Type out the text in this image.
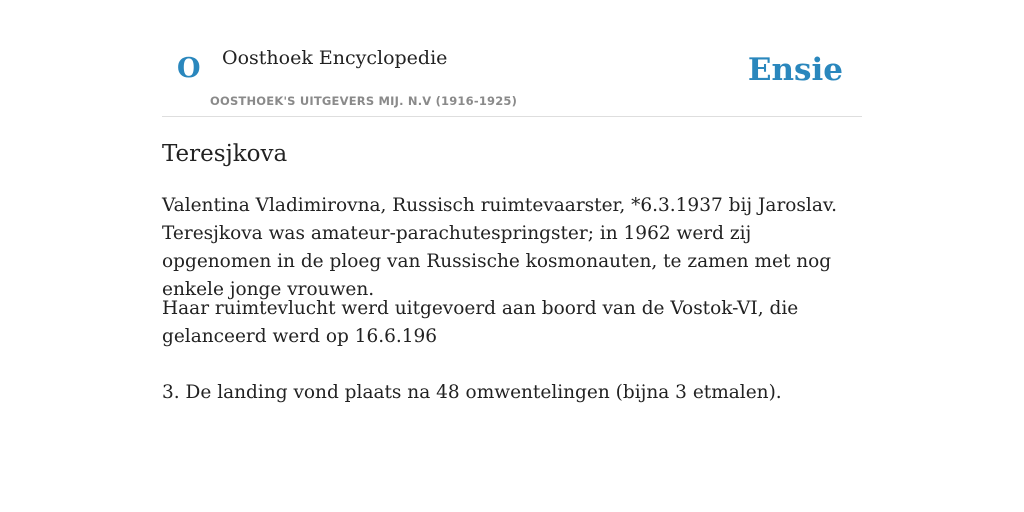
O Oosthoek Encyclopedie
OOSTHOEK'S UITGEVERS MIJ. N.V (1916-1925)
Ensie
Teresjkova

Valentina Vladimirovna, Russisch ruimtevaarster, *6.3.1937 bij Jaroslav. Teresjkova was amateur-parachutespringster; in 1962 werd zij opgenomen in de ploeg van Russische kosmonauten, te zamen met nog enkele jonge vrouwen.

Haar ruimtevlucht werd uitgevoerd aan boord van de Vostok-VI, die gelanceerd werd op 16.6.196

3. De landing vond plaats na 48 omwentelingen (bijna 3 etmalen).
